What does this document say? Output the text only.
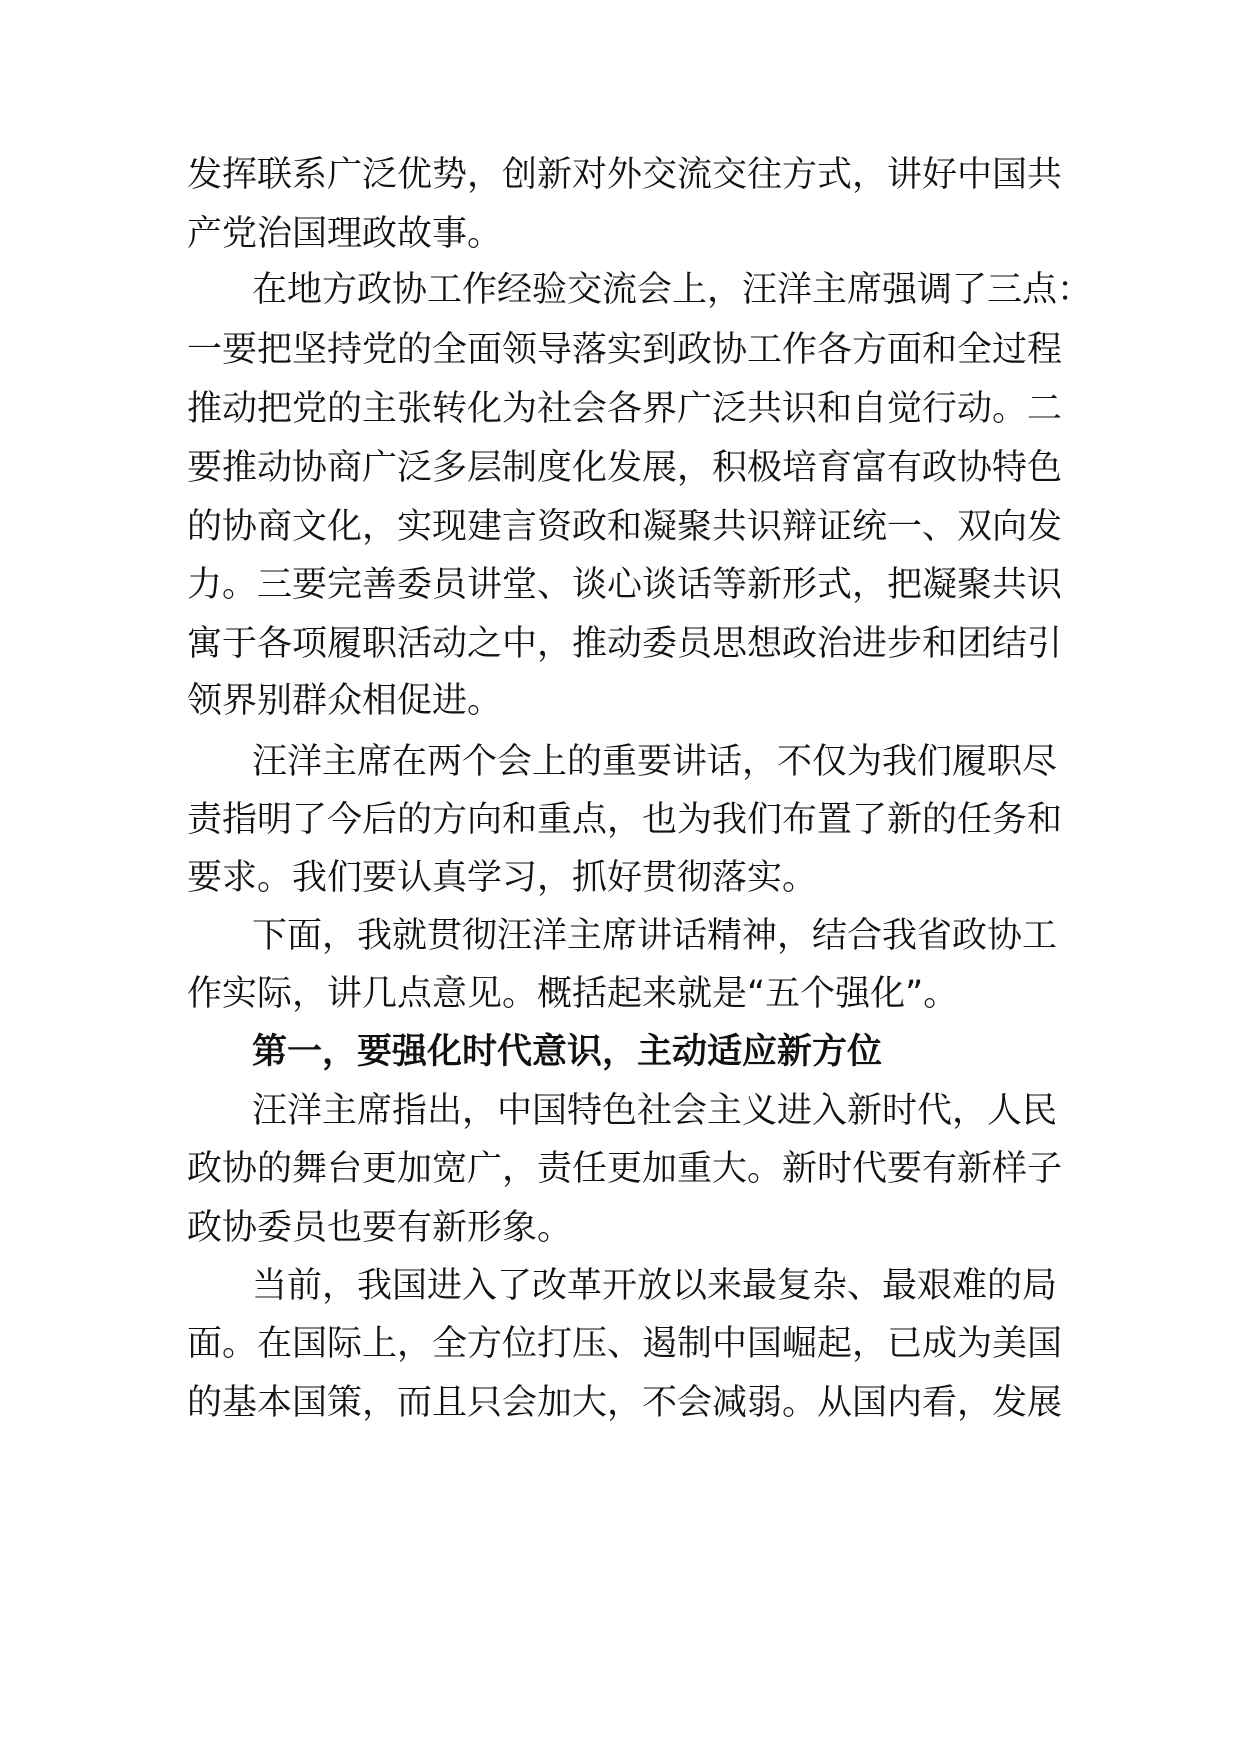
发挥联系广泛优势，创新对外交流交往方式，讲好中国共
产党治国理政故事。
在地方政协工作经验交流会上，汪洋主席强调了三点：
一要把坚持党的全面领导落实到政协工作各方面和全过程
推动把党的主张转化为社会各界广泛共识和自觉行动。二
要推动协商广泛多层制度化发展，积极培育富有政协特色
的协商文化，实现建言资政和凝聚共识辩证统一、双向发
力。三要完善委员讲堂、谈心谈话等新形式，把凝聚共识
寓于各项履职活动之中，推动委员思想政治进步和团结引
领界别群众相促进。
汪洋主席在两个会上的重要讲话，不仅为我们履职尽
责指明了今后的方向和重点，也为我们布置了新的任务和
要求。我们要认真学习，抓好贯彻落实。
下面，我就贯彻汪洋主席讲话精神，结合我省政协工
作实际，讲几点意见。概括起来就是“五个强化”。
第一，要强化时代意识，主动适应新方位
汪洋主席指出，中国特色社会主义进入新时代，人民
政协的舞台更加宽广，责任更加重大。新时代要有新样子
政协委员也要有新形象。
当前，我国进入了改革开放以来最复杂、最艰难的局
面。在国际上，全方位打压、遏制中国崛起，已成为美国
的基本国策，而且只会加大，不会减弱。从国内看，发展
